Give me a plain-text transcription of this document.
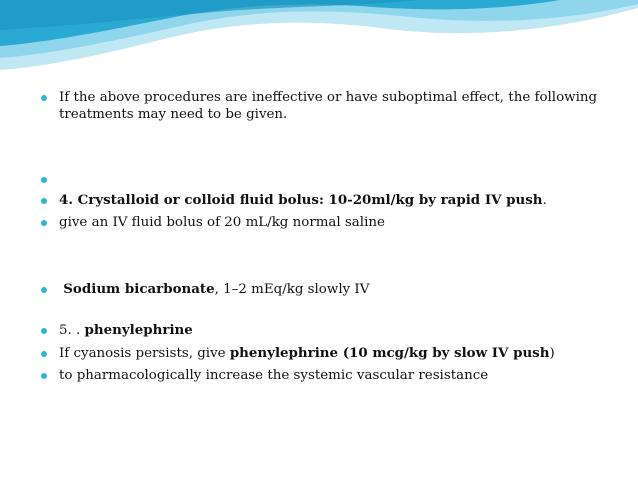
If the above procedures are ineffective or have suboptimal effect, the following treatments may need to be given.
4. Crystalloid or colloid fluid bolus: 10-20ml/kg by rapid IV push.
give an IV fluid bolus of 20 mL/kg normal saline
Sodium bicarbonate, 1–2 mEq/kg slowly IV
5. . phenylephrine
If cyanosis persists, give phenylephrine (10 mcg/kg by slow IV push)
to pharmacologically increase the systemic vascular resistance
